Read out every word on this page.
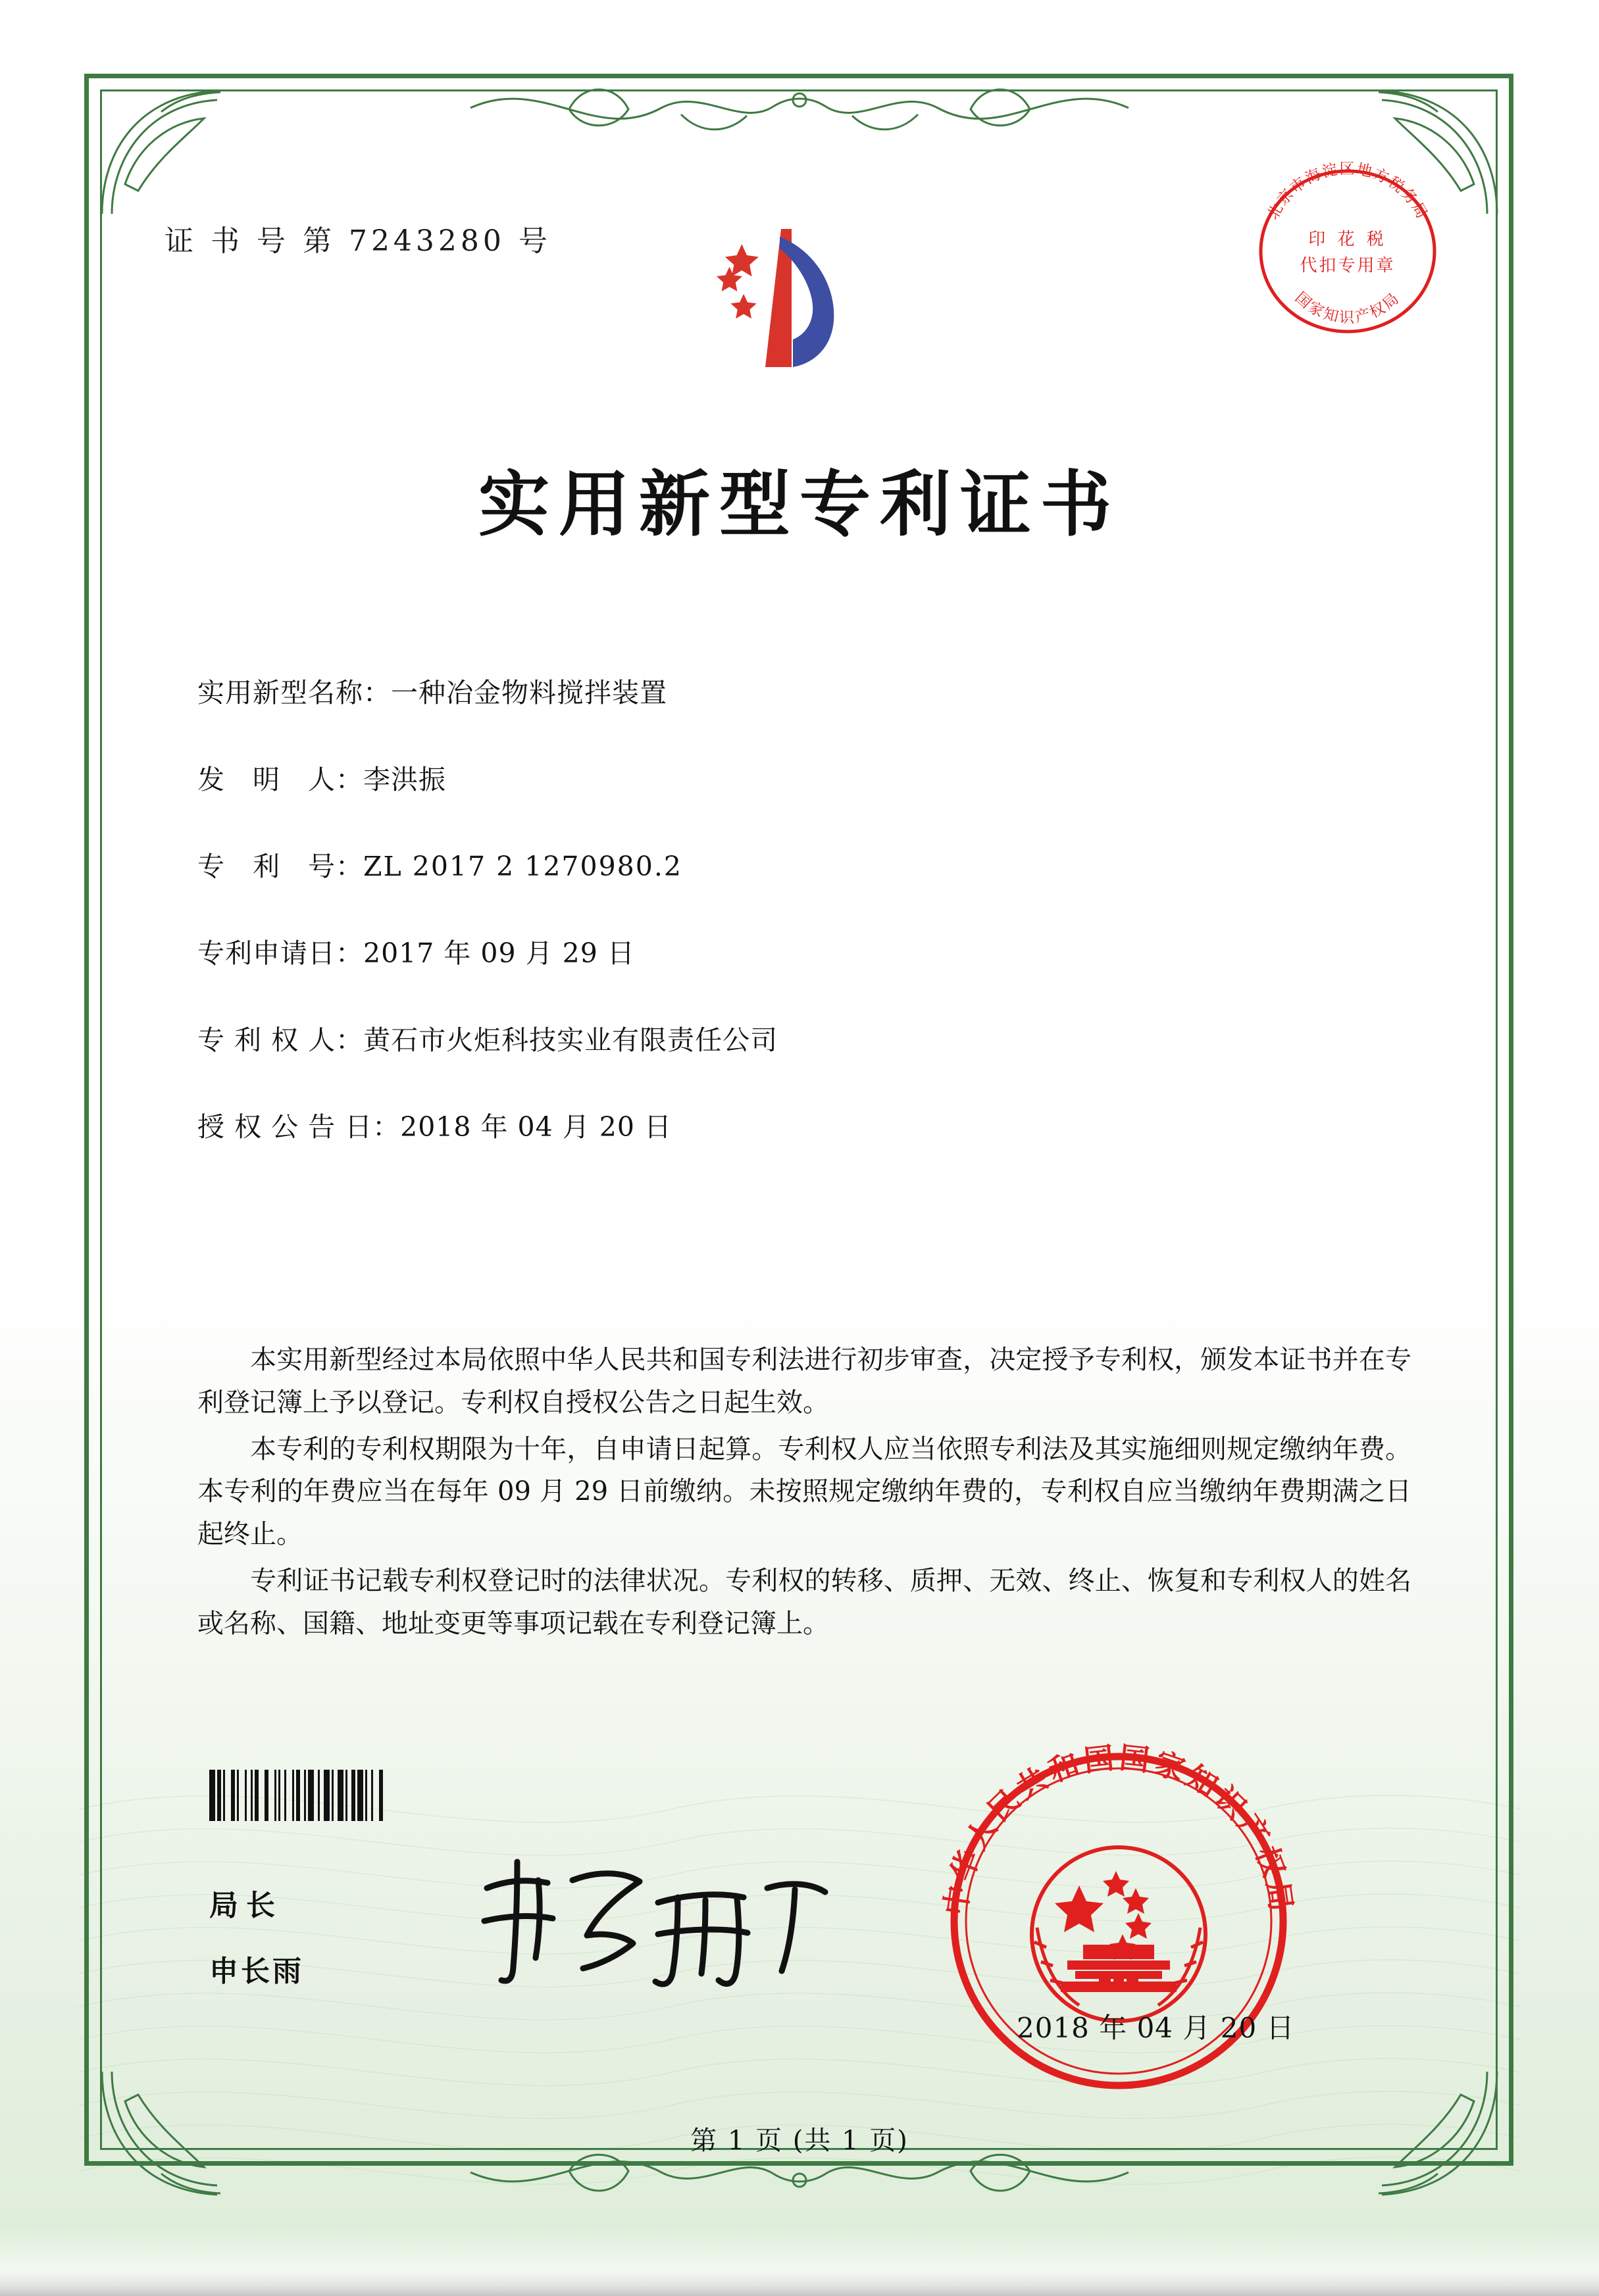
证 书 号 第 7243280 号
北京市海淀区地方税务局
国家知识产权局
印 花 税
代扣专用章
实用新型专利证书
实用新型名称：一种冶金物料搅拌装置
发　明　人：李洪振
专　利　号：ZL 2017 2 1270980.2
专利申请日：2017 年 09 月 29 日
专 利 权 人：黄石市火炬科技实业有限责任公司
授 权 公 告 日：2018 年 04 月 20 日

本实用新型经过本局依照中华人民共和国专利法进行初步审查，决定授予专利权，颁发本证书并在专利登记簿上予以登记。专利权自授权公告之日起生效。

本专利的专利权期限为十年，自申请日起算。专利权人应当依照专利法及其实施细则规定缴纳年费。本专利的年费应当在每年 09 月 29 日前缴纳。未按照规定缴纳年费的，专利权自应当缴纳年费期满之日起终止。

专利证书记载专利权登记时的法律状况。专利权的转移、质押、无效、终止、恢复和专利权人的姓名或名称、国籍、地址变更等事项记载在专利登记簿上。

局长
申长雨
中华人民共和国国家知识产权局
2018 年 04 月 20 日
第 1 页 (共 1 页)
